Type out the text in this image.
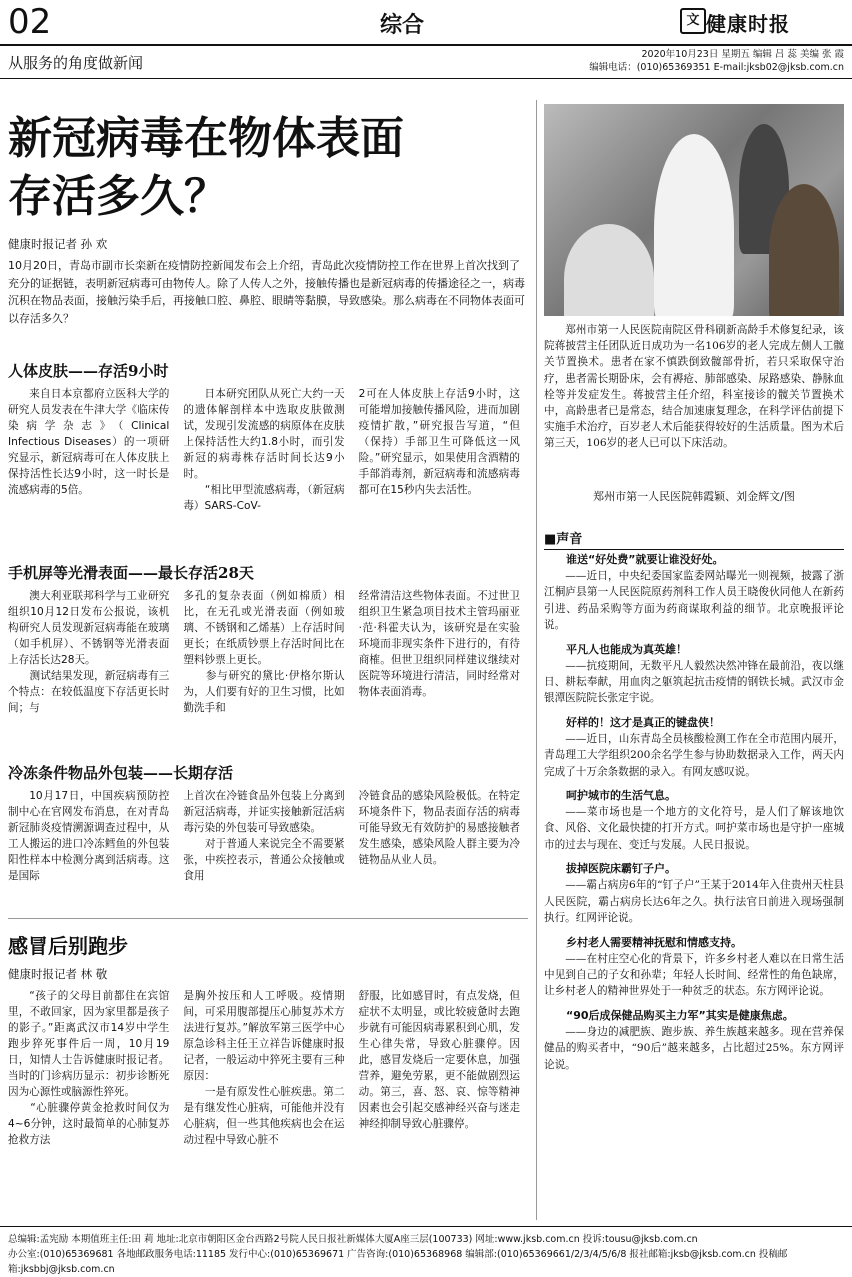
02	综合	文 健康时报
从服务的角度做新闻	2020年10月23日 星期五 编辑 吕 蕊 美编 张 霞
编辑电话：(010)65369351 E-mail:jksb02@jksb.com.cn
新冠病毒在物体表面
存活多久？
健康时报记者 孙 欢
10月20日，青岛市副市长栾新在疫情防控新闻发布会上介绍，青岛此次疫情防控工作在世界上首次找到了充分的证据链，表明新冠病毒可由物传人。除了人传人之外，接触传播也是新冠病毒的传播途径之一，病毒沉积在物品表面，接触污染手后，再接触口腔、鼻腔、眼睛等黏膜，导致感染。那么病毒在不同物体表面可以存活多久？
人体皮肤——存活9小时
来自日本京都府立医科大学的研究人员发表在牛津大学《临床传染病学杂志》（Clinical Infectious Diseases）的一项研究显示，新冠病毒可在人体皮肤上保持活性长达9小时，这一时长是流感病毒的5倍。
日本研究团队从死亡大约一天的遗体解剖样本中选取皮肤做测试，发现引发流感的病原体在皮肤上保持活性大约1.8小时，而引发新冠的病毒株存活时间长达9小时。
　　“相比甲型流感病毒，（新冠病毒）SARS-CoV-
2可在人体皮肤上存活9小时，这可能增加接触传播风险，进而加剧疫情扩散，”研究报告写道，“但（保持）手部卫生可降低这一风险。”研究显示，如果使用含酒精的手部消毒剂，新冠病毒和流感病毒都可在15秒内失去活性。
手机屏等光滑表面——最长存活28天
澳大利亚联邦科学与工业研究组织10月12日发布公报说，该机构研究人员发现新冠病毒能在玻璃（如手机屏）、不锈钢等光滑表面上存活长达28天。
　　测试结果发现，新冠病毒有三个特点：在较低温度下存活更长时间；与
多孔的复杂表面（例如棉质）相比，在无孔或光滑表面（例如玻璃、不锈钢和乙烯基）上存活时间更长；在纸质钞票上存活时间比在塑料钞票上更长。
　　参与研究的黛比·伊格尔斯认为，人们要有好的卫生习惯，比如勤洗手和
经常清洁这些物体表面。不过世卫组织卫生紧急项目技术主管玛丽亚·范·科霍夫认为，该研究是在实验环境而非现实条件下进行的，有待商榷。但世卫组织同样建议继续对医院等环境进行清洁，同时经常对物体表面消毒。
冷冻条件物品外包装——长期存活
10月17日，中国疾病预防控制中心在官网发布消息，在对青岛新冠肺炎疫情溯源调查过程中，从工人搬运的进口冷冻鳕鱼的外包装阳性样本中检测分离到活病毒。这是国际
上首次在冷链食品外包装上分离到新冠活病毒，并证实接触新冠活病毒污染的外包装可导致感染。
　　对于普通人来说完全不需要紧张，中疾控表示，普通公众接触或食用
冷链食品的感染风险极低。在特定环境条件下，物品表面存活的病毒可能导致无有效防护的易感接触者发生感染，感染风险人群主要为冷链物品从业人员。
感冒后别跑步
健康时报记者 林 敬
“孩子的父母目前都住在宾馆里，不敢回家，因为家里都是孩子的影子。”距离武汉市14岁中学生跑步猝死事件后一周，10月19日，知情人士告诉健康时报记者。当时的门诊病历显示：初步诊断死因为心源性或脑源性猝死。
　　“心脏骤停黄金抢救时间仅为4~6分钟，这时最简单的心肺复苏抢救方法
是胸外按压和人工呼吸。疫情期间，可采用腹部提压心肺复苏术方法进行复苏。”解放军第三医学中心原急诊科主任王立祥告诉健康时报记者，一般运动中猝死主要有三种原因：
　　一是有原发性心脏疾患。第二是有继发性心脏病，可能他并没有心脏病，但一些其他疾病也会在运动过程中导致心脏不
舒服，比如感冒时，有点发烧，但症状不太明显，或比较疲惫时去跑步就有可能因病毒累积到心肌，发生心律失常，导致心脏骤停。因此，感冒发烧后一定要休息，加强营养，避免劳累，更不能做剧烈运动。第三，喜、怒、哀、惊等精神因素也会引起交感神经兴奋与迷走神经抑制导致心脏骤停。
郑州市第一人民医院南院区骨科刷新高龄手术修复纪录，该院蒋披营主任团队近日成功为一名106岁的老人完成左侧人工髋关节置换术。患者在家不慎跌倒致髋部骨折，若只采取保守治疗，患者需长期卧床，会有褥疮、肺部感染、尿路感染、静脉血栓等并发症发生。蒋披营主任介绍，科室接诊的髋关节置换术中，高龄患者已是常态，结合加速康复理念，在科学评估前提下实施手术治疗，百岁老人术后能获得较好的生活质量。图为术后第三天，106岁的老人已可以下床活动。
郑州市第一人民医院韩霞颖、刘金辉文/图
■声音
谁送“好处费”就要让谁没好处。
——近日，中央纪委国家监委网站曝光一则视频，披露了浙江桐庐县第一人民医院原药剂科工作人员王晓俊伙同他人在新药引进、药品采购等方面为药商谋取利益的细节。北京晚报评论说。
平凡人也能成为真英雄！
——抗疫期间，无数平凡人毅然决然冲锋在最前沿，夜以继日、耕耘奉献，用血肉之躯筑起抗击疫情的钢铁长城。武汉市金银潭医院院长张定宇说。
好样的！这才是真正的键盘侠！
——近日，山东青岛全员核酸检测工作在全市范围内展开，青岛理工大学组织200余名学生参与协助数据录入工作，两天内完成了十万余条数据的录入。有网友感叹说。
呵护城市的生活气息。
——菜市场也是一个地方的文化符号，是人们了解该地饮食、风俗、文化最快捷的打开方式。呵护菜市场也是守护一座城市的过去与现在、变迁与发展。人民日报说。
拔掉医院床霸钉子户。
——霸占病房6年的“钉子户”王某于2014年入住贵州天柱县人民医院，霸占病房长达6年之久。执行法官日前进入现场强制执行。红网评论说。
乡村老人需要精神抚慰和情感支持。
——在村庄空心化的背景下，许多乡村老人难以在日常生活中见到自己的子女和孙辈；年轻人长时间、经常性的角色缺席，让乡村老人的精神世界处于一种贫乏的状态。东方网评论说。
“90后成保健品购买主力军”其实是健康焦虑。
——身边的减肥族、跑步族、养生族越来越多。现在营养保健品的购买者中，“90后”越来越多，占比超过25%。东方网评论说。
总编辑:孟宪励 本期值班主任:田 莉 地址:北京市朝阳区金台西路2号院人民日报社新媒体大厦A座三层(100733) 网址:www.jksb.com.cn 投诉:tousu@jksb.com.cn
办公室:(010)65369681 各地邮政服务电话:11185 发行中心:(010)65369671 广告咨询:(010)65368968 编辑部:(010)65369661/2/3/4/5/6/8 报社邮箱:jksb@jksb.com.cn 投稿邮箱:jksbbj@jksb.com.cn
